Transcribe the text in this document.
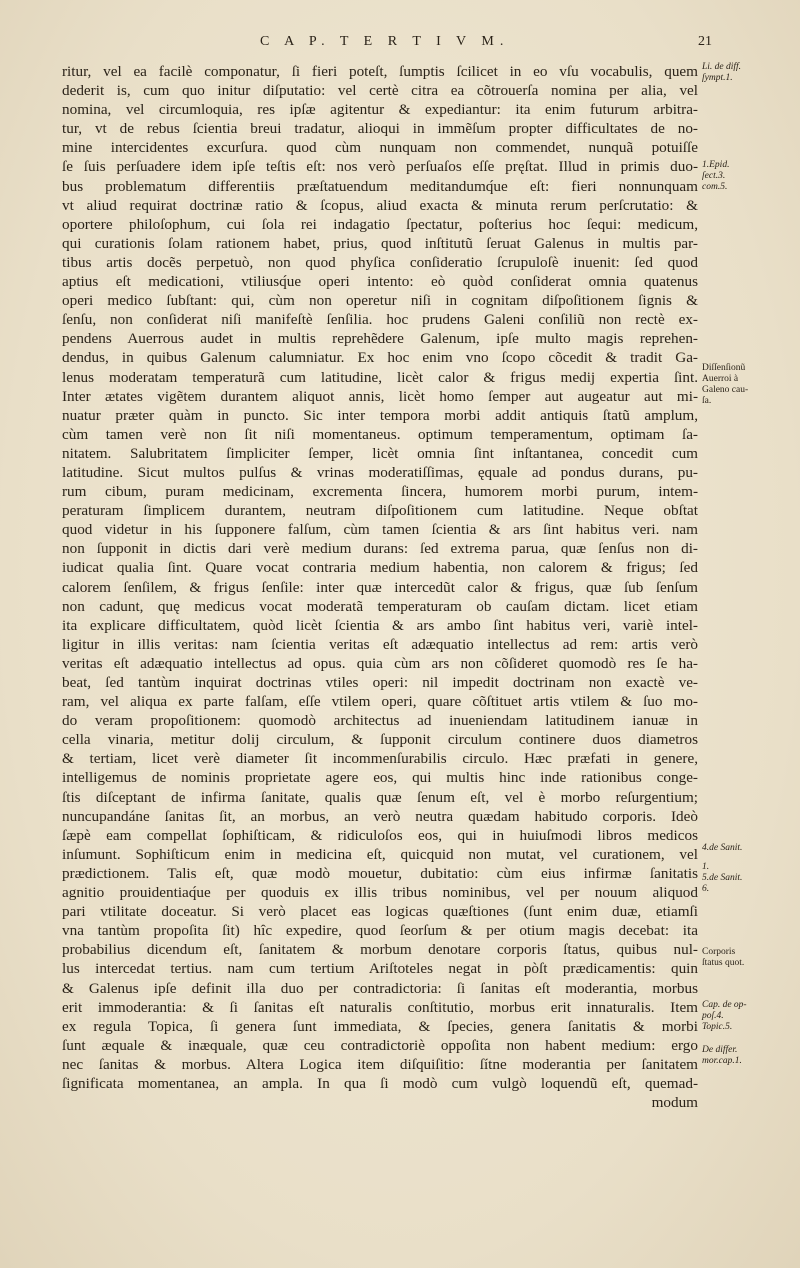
C A P. T E R T I V M.	21
ritur, vel ea facilè componatur, ſi fieri poteſt, ſumptis ſcilicet in eo vſu vocabulis, quem
dederit is, cum quo initur diſputatio: vel certè citra ea cõtrouerſa nomina per alia, vel
nomina, vel circumloquia, res ipſæ agitentur & expediantur: ita enim futurum arbitra-
tur, vt de rebus ſcientia breui tradatur, alioqui in immẽſum propter difficultates de no-
mine intercidentes excurſura. quod cùm nunquam non commendet, nunquã potuiſſe
ſe ſuis perſuadere idem ipſe teſtis eſt: nos verò perſuaſos eſſe pręſtat. Illud in primis duo-
bus problematum differentiis præſtatuendum meditandumq́ue eſt: fieri nonnunquam
vt aliud requirat doctrinæ ratio & ſcopus, aliud exacta & minuta rerum perſcrutatio: &
oportere philoſophum, cui ſola rei indagatio ſpectatur, poſterius hoc ſequi: medicum,
qui curationis ſolam rationem habet, prius, quod inſtitutũ ſeruat Galenus in multis par-
tibus artis docẽs perpetuò, non quod phyſica conſideratio ſcrupuloſè inuenit: ſed quod
aptius eſt medicationi, vtiliusq́ue operi intento: eò quòd conſiderat omnia quatenus
operi medico ſubſtant: qui, cùm non operetur niſi in cognitam diſpoſitionem ſignis &
ſenſu, non conſiderat niſi manifeſtè ſenſilia. hoc prudens Galeni conſiliũ non rectè ex-
pendens Auerrous audet in multis reprehẽdere Galenum, ipſe multo magis reprehen-
dendus, in quibus Galenum calumniatur. Ex hoc enim vno ſcopo cõcedit & tradit Ga-
lenus moderatam temperaturã cum latitudine, licèt calor & frigus medij expertia ſint.
Inter ætates vigẽtem durantem aliquot annis, licèt homo ſemper aut augeatur aut mi-
nuatur præter quàm in puncto. Sic inter tempora morbi addit antiquis ſtatũ amplum,
cùm tamen verè non ſit niſi momentaneus. optimum temperamentum, optimam ſa-
nitatem. Salubritatem ſimpliciter ſemper, licèt omnia ſint inſtantanea, concedit cum
latitudine. Sicut multos pulſus & vrinas moderatiſſimas, ęquale ad pondus durans, pu-
rum cibum, puram medicinam, excrementa ſincera, humorem morbi purum, intem-
peraturam ſimplicem durantem, neutram diſpoſitionem cum latitudine. Neque obſtat
quod videtur in his ſupponere falſum, cùm tamen ſcientia & ars ſint habitus veri. nam
non ſupponit in dictis dari verè medium durans: ſed extrema parua, quæ ſenſus non di-
iudicat qualia ſint. Quare vocat contraria medium habentia, non calorem & frigus; ſed
calorem ſenſilem, & frigus ſenſile: inter quæ intercedũt calor & frigus, quæ ſub ſenſum
non cadunt, quę medicus vocat moderatã temperaturam ob cauſam dictam. licet etiam
ita explicare difficultatem, quòd licèt ſcientia & ars ambo ſint habitus veri, variè intel-
ligitur in illis veritas: nam ſcientia veritas eſt adæquatio intellectus ad rem: artis verò
veritas eſt adæquatio intellectus ad opus. quia cùm ars non cõſideret quomodò res ſe ha-
beat, ſed tantùm inquirat doctrinas vtiles operi: nil impedit doctrinam non exactè ve-
ram, vel aliqua ex parte falſam, eſſe vtilem operi, quare cõſtituet artis vtilem & ſuo mo-
do veram propoſitionem: quomodò architectus ad inueniendam latitudinem ianuæ in
cella vinaria, metitur dolij circulum, & ſupponit circulum continere duos diametros
& tertiam, licet verè diameter ſit incommenſurabilis circulo. Hæc præfati in genere,
intelligemus de nominis proprietate agere eos, qui multis hinc inde rationibus conge-
ſtis diſceptant de infirma ſanitate, qualis quæ ſenum eſt, vel è morbo reſurgentium;
nuncupandáne ſanitas ſit, an morbus, an verò neutra quædam habitudo corporis. Ideò
ſæpè eam compellat ſophiſticam, & ridiculoſos eos, qui in huiuſmodi libros medicos
inſumunt. Sophiſticum enim in medicina eſt, quicquid non mutat, vel curationem, vel
prædictionem. Talis eſt, quæ modò mouetur, dubitatio: cùm eius infirmæ ſanitatis
agnitio prouidentiaq́ue per quoduis ex illis tribus nominibus, vel per nouum aliquod
pari vtilitate doceatur. Si verò placet eas logicas quæſtiones (ſunt enim duæ, etiamſi
vna tantùm propoſita ſit) hîc expedire, quod ſeorſum & per otium magis decebat: ita
probabilius dicendum eſt, ſanitatem & morbum denotare corporis ſtatus, quibus nul-
lus intercedat tertius. nam cum tertium Ariſtoteles negat in pòſt prædicamentis: quin
& Galenus ipſe definit illa duo per contradictoria: ſi ſanitas eſt moderantia, morbus
erit immoderantia: & ſi ſanitas eſt naturalis conſtitutio, morbus erit innaturalis. Item
ex regula Topica, ſi genera ſunt immediata, & ſpecies, genera ſanitatis & morbi
ſunt æquale & inæquale, quæ ceu contradictoriè oppoſita non habent medium: ergo
nec ſanitas & morbus. Altera Logica item diſquiſitio: ſítne moderantia per ſanitatem
ſignificata momentanea, an ampla. In qua ſi modò cum vulgò loquendũ eſt, quemad-
modum
Li. de diff.
ſympt.1.
1.Epid.
ſect.3.
com.5.
Diſſenſionũ
Auerroi à
Galeno cau-
ſa.
4.de Sanit.
1.
5.de Sanit.
6.
Corporis
ſtatus quot.
Cap. de op-
poſ.4.
Topic.5.
De differ.
mor.cap.1.
